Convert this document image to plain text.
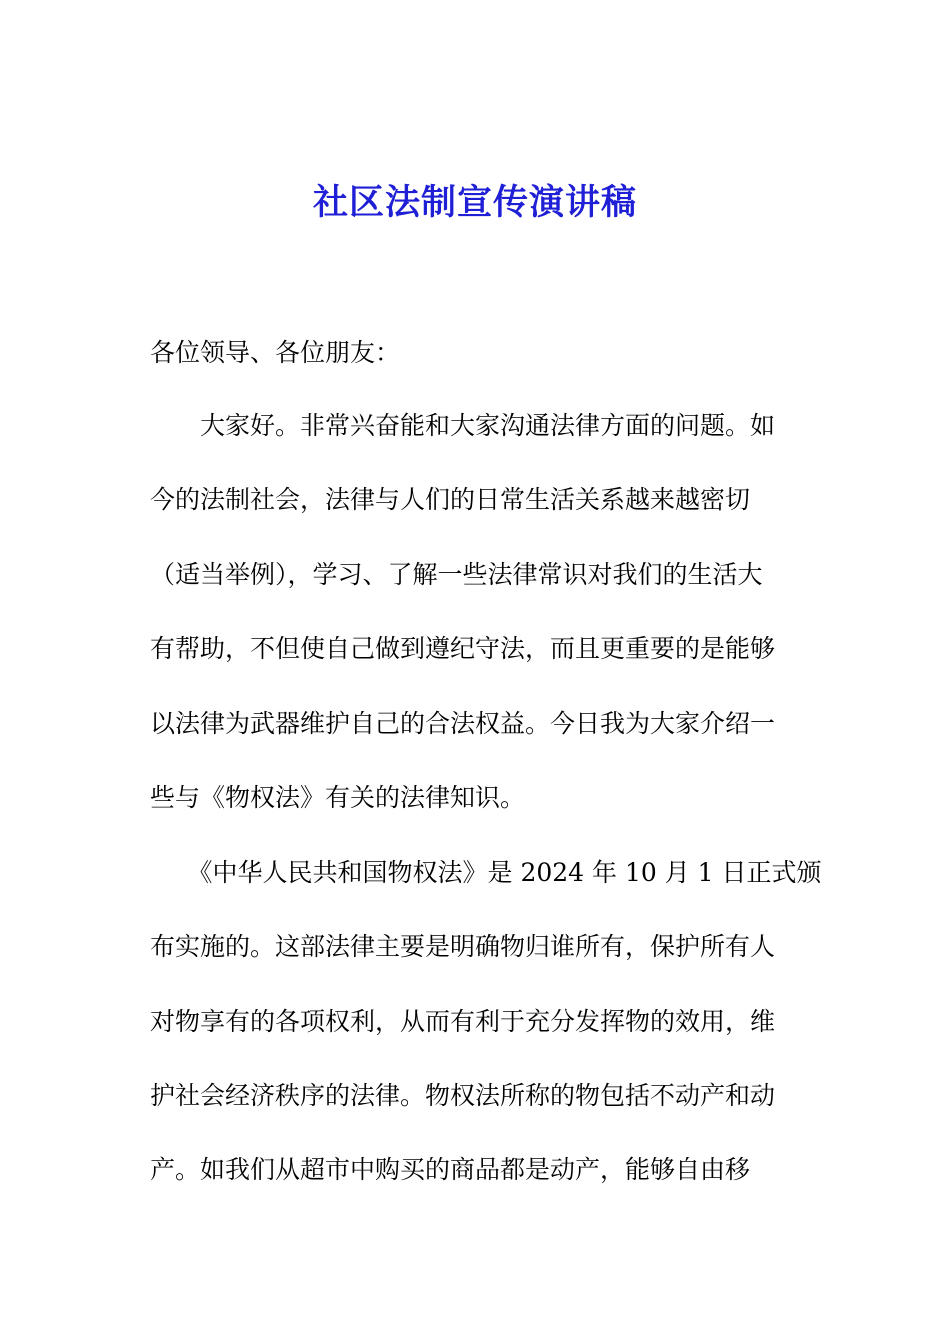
社区法制宣传演讲稿
各位领导、各位朋友：
　　大家好。非常兴奋能和大家沟通法律方面的问题。如
今的法制社会，法律与人们的日常生活关系越来越密切
（适当举例），学习、了解一些法律常识对我们的生活大
有帮助，不但使自己做到遵纪守法，而且更重要的是能够
以法律为武器维护自己的合法权益。今日我为大家介绍一
些与《物权法》有关的法律知识。
　　《中华人民共和国物权法》是 2024 年 10 月 1 日正式颁
布实施的。这部法律主要是明确物归谁所有，保护所有人
对物享有的各项权利，从而有利于充分发挥物的效用，维
护社会经济秩序的法律。物权法所称的物包括不动产和动
产。如我们从超市中购买的商品都是动产，能够自由移
